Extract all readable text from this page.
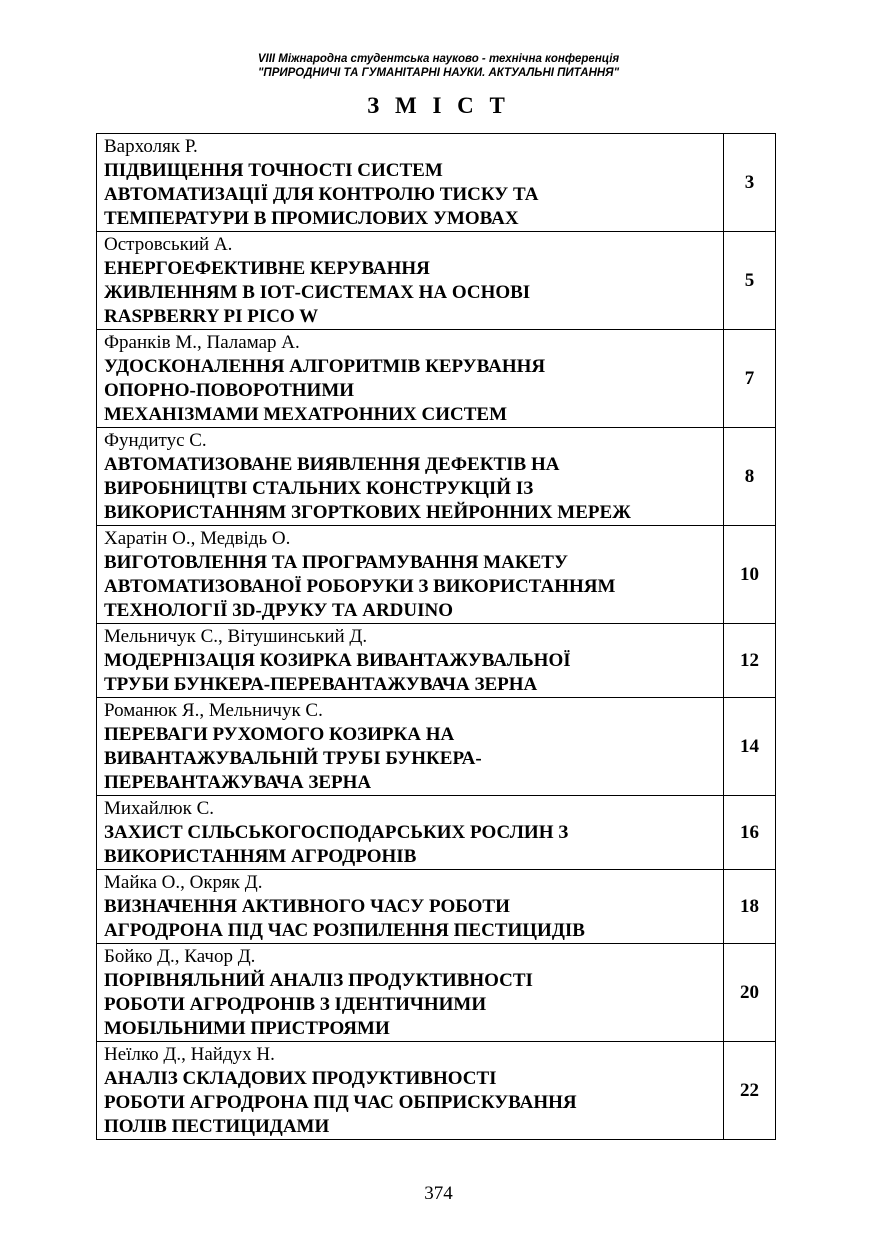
VIII Міжнародна студентська науково - технічна конференція
"ПРИРОДНИЧІ ТА ГУМАНІТАРНІ НАУКИ. АКТУАЛЬНІ ПИТАННЯ"
З М І С Т
Вархоляк Р.
ПІДВИЩЕННЯ ТОЧНОСТІ СИСТЕМ
АВТОМАТИЗАЦІЇ ДЛЯ КОНТРОЛЮ ТИСКУ ТА
ТЕМПЕРАТУРИ В ПРОМИСЛОВИХ УМОВАХ	3

Островський А.
ЕНЕРГОЕФЕКТИВНЕ КЕРУВАННЯ
ЖИВЛЕННЯМ В ІОТ-СИСТЕМАХ НА ОСНОВІ
RASPBERRY PI PICO W	5

Франків М., Паламар А.
УДОСКОНАЛЕННЯ АЛГОРИТМІВ КЕРУВАННЯ
ОПОРНО-ПОВОРОТНИМИ
МЕХАНІЗМАМИ МЕХАТРОННИХ СИСТЕМ	7

Фундитус С.
АВТОМАТИЗОВАНЕ ВИЯВЛЕННЯ ДЕФЕКТІВ НА
ВИРОБНИЦТВІ СТАЛЬНИХ КОНСТРУКЦІЙ ІЗ
ВИКОРИСТАННЯМ ЗГОРТКОВИХ НЕЙРОННИХ МЕРЕЖ	8

Харатін О., Медвідь О.
ВИГОТОВЛЕННЯ ТА ПРОГРАМУВАННЯ МАКЕТУ
АВТОМАТИЗОВАНОЇ РОБОРУКИ З ВИКОРИСТАННЯМ
ТЕХНОЛОГІЇ 3D-ДРУКУ ТА ARDUINO	10

Мельничук С., Вітушинський Д.
МОДЕРНІЗАЦІЯ КОЗИРКА ВИВАНТАЖУВАЛЬНОЇ
ТРУБИ БУНКЕРА-ПЕРЕВАНТАЖУВАЧА ЗЕРНА	12

Романюк Я., Мельничук С.
ПЕРЕВАГИ РУХОМОГО КОЗИРКА НА
ВИВАНТАЖУВАЛЬНІЙ ТРУБІ БУНКЕРА-
ПЕРЕВАНТАЖУВАЧА ЗЕРНА	14

Михайлюк С.
ЗАХИСТ СІЛЬСЬКОГОСПОДАРСЬКИХ РОСЛИН З
ВИКОРИСТАННЯМ АГРОДРОНІВ	16

Майка О., Окряк Д.
ВИЗНАЧЕННЯ АКТИВНОГО ЧАСУ РОБОТИ
АГРОДРОНА ПІД ЧАС РОЗПИЛЕННЯ ПЕСТИЦИДІВ	18

Бойко Д., Качор Д.
ПОРІВНЯЛЬНИЙ АНАЛІЗ ПРОДУКТИВНОСТІ
РОБОТИ АГРОДРОНІВ З ІДЕНТИЧНИМИ
МОБІЛЬНИМИ ПРИСТРОЯМИ	20

Неїлко Д., Найдух Н.
АНАЛІЗ СКЛАДОВИХ ПРОДУКТИВНОСТІ
РОБОТИ АГРОДРОНА ПІД ЧАС ОБПРИСКУВАННЯ
ПОЛІВ ПЕСТИЦИДАМИ	22
374
